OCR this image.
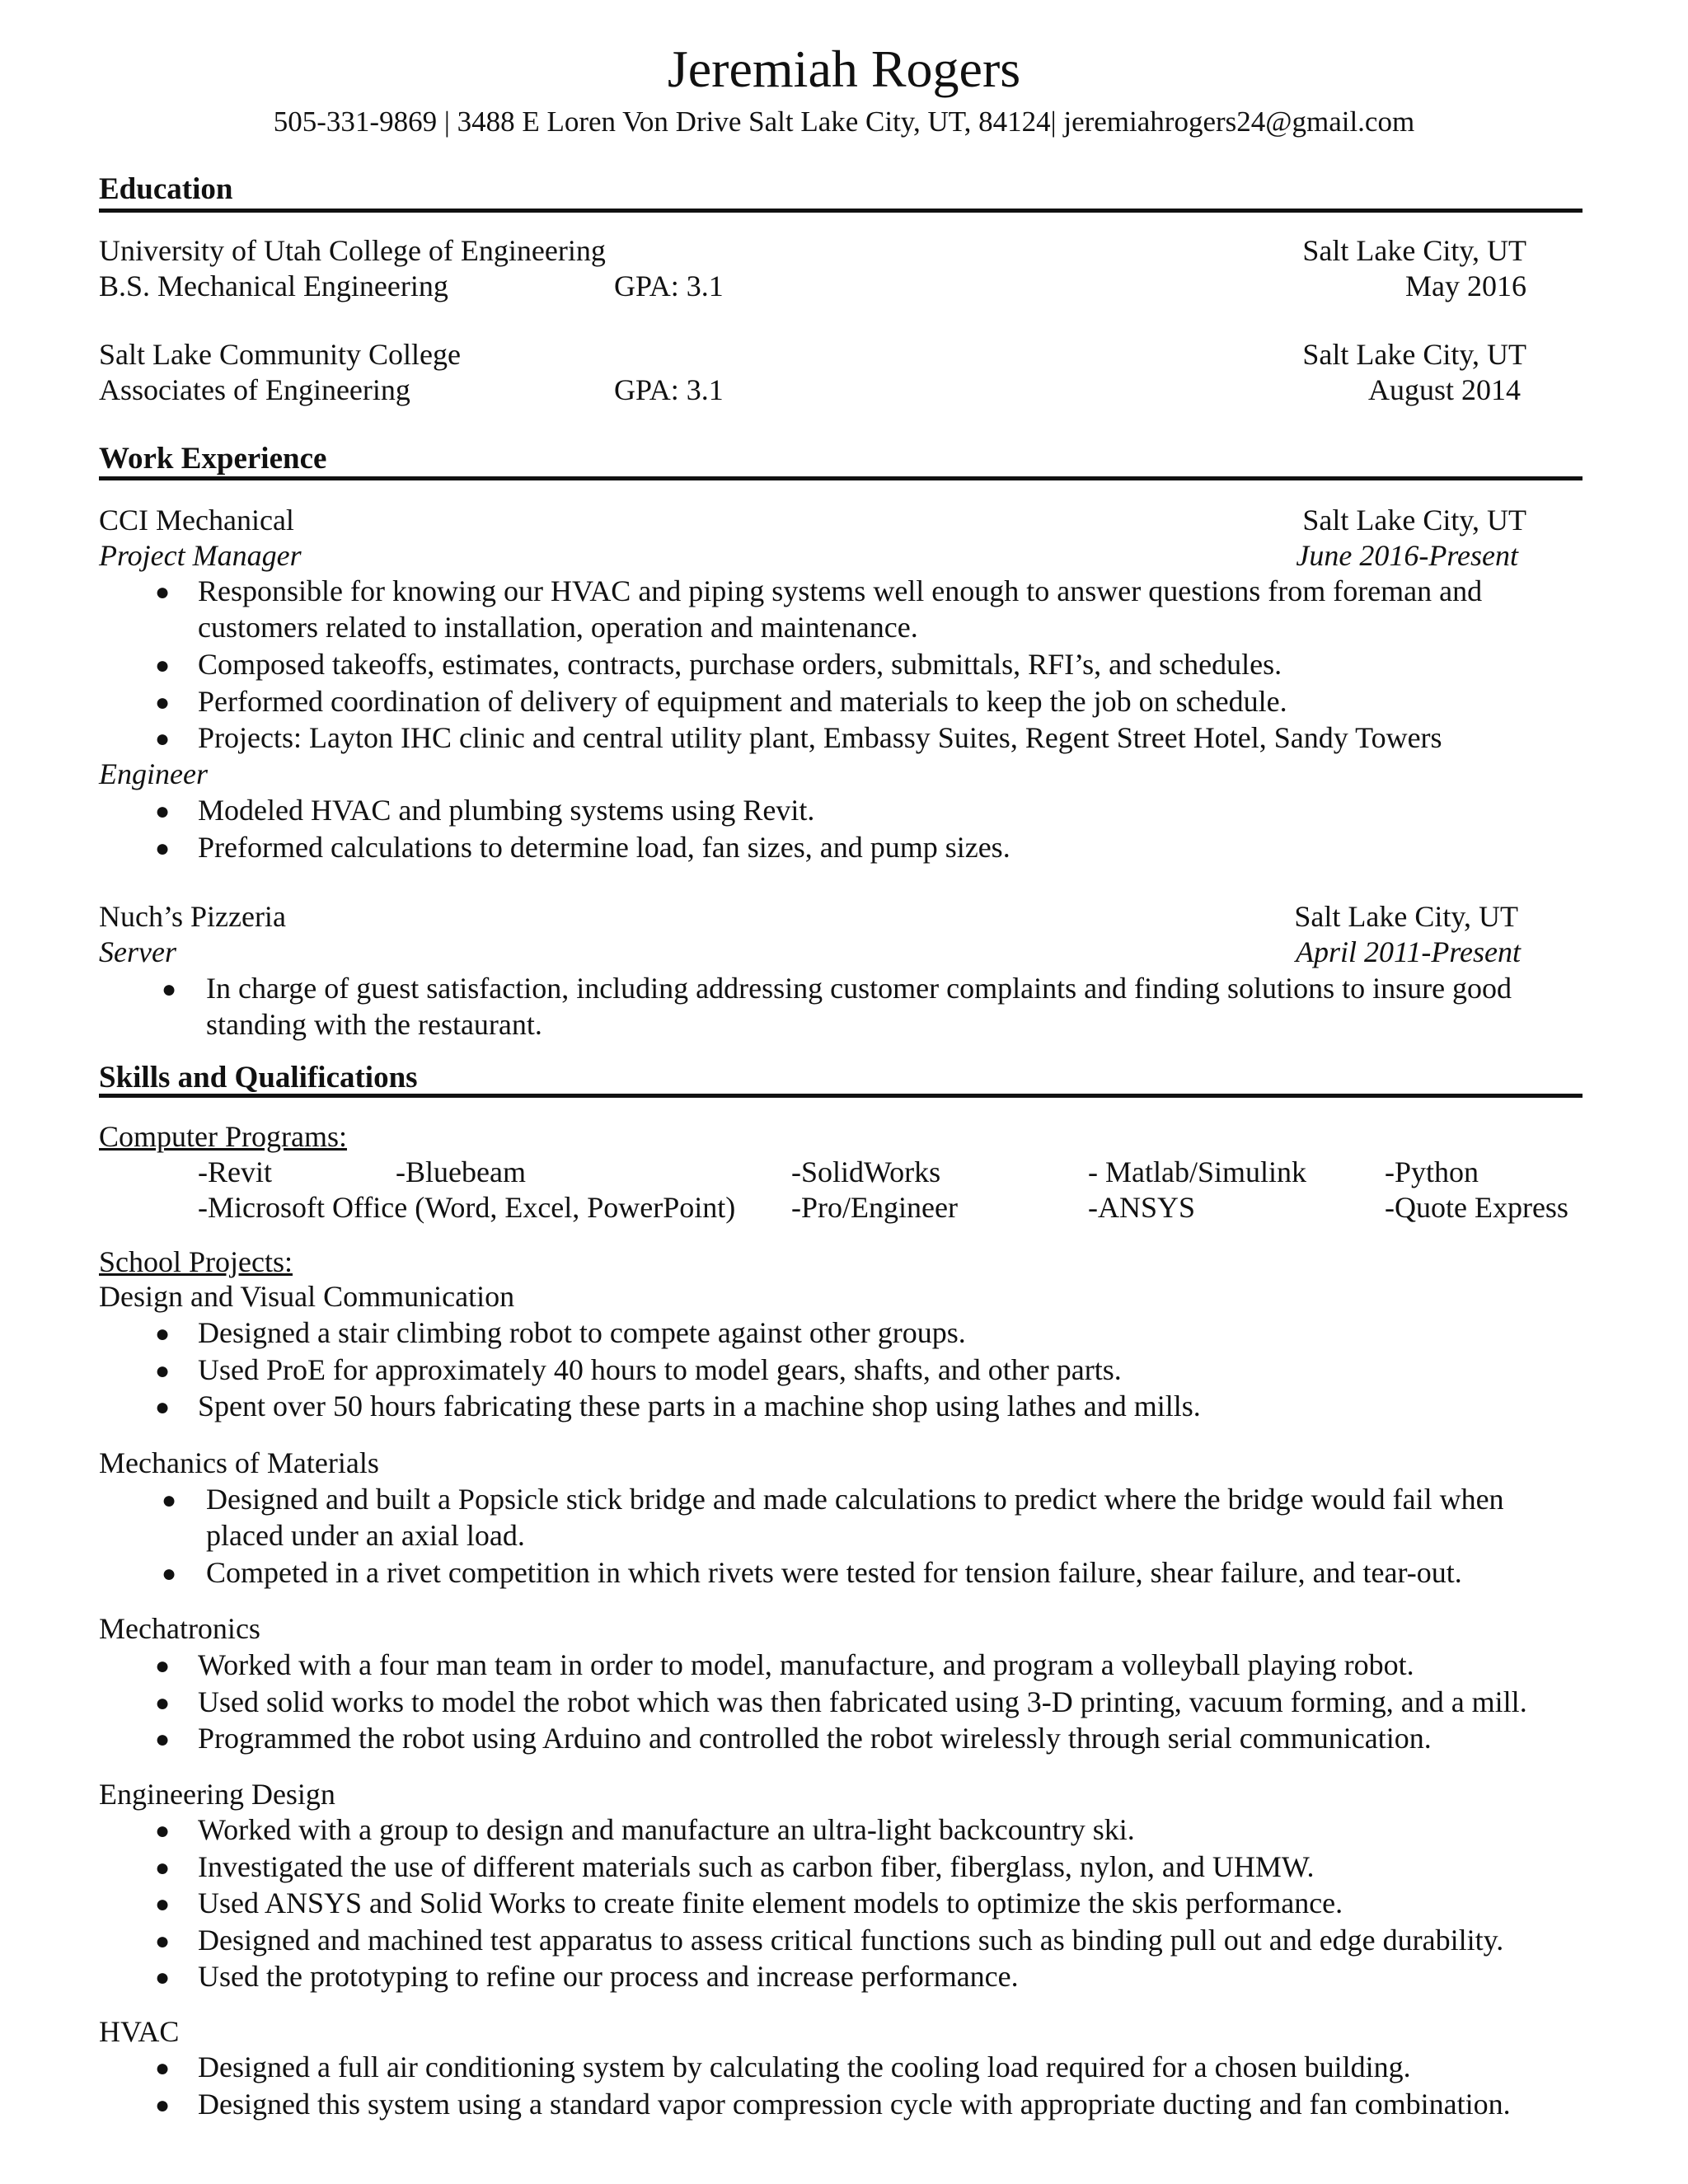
Jeremiah Rogers
505-331-9869 | 3488 E Loren Von Drive Salt Lake City, UT, 84124| jeremiahrogers24@gmail.com
Education
University of Utah College of Engineering	Salt Lake City, UT
B.S. Mechanical Engineering	GPA: 3.1	May 2016
Salt Lake Community College	Salt Lake City, UT
Associates of Engineering	GPA: 3.1	August 2014
Work Experience
CCI Mechanical	Salt Lake City, UT
Project Manager	June 2016-Present
● Responsible for knowing our HVAC and piping systems well enough to answer questions from foreman and
customers related to installation, operation and maintenance.
● Composed takeoffs, estimates, contracts, purchase orders, submittals, RFI’s, and schedules.
● Performed coordination of delivery of equipment and materials to keep the job on schedule.
● Projects: Layton IHC clinic and central utility plant, Embassy Suites, Regent Street Hotel, Sandy Towers
Engineer
● Modeled HVAC and plumbing systems using Revit.
● Preformed calculations to determine load, fan sizes, and pump sizes.
Nuch’s Pizzeria	Salt Lake City, UT
Server	April 2011-Present
● In charge of guest satisfaction, including addressing customer complaints and finding solutions to insure good
standing with the restaurant.
Skills and Qualifications
Computer Programs:
-Revit	-Bluebeam	-SolidWorks	- Matlab/Simulink	-Python
-Microsoft Office (Word, Excel, PowerPoint) -Pro/Engineer	-ANSYS	-Quote Express
School Projects:
Design and Visual Communication
● Designed a stair climbing robot to compete against other groups.
● Used ProE for approximately 40 hours to model gears, shafts, and other parts.
● Spent over 50 hours fabricating these parts in a machine shop using lathes and mills.
Mechanics of Materials
● Designed and built a Popsicle stick bridge and made calculations to predict where the bridge would fail when
placed under an axial load.
● Competed in a rivet competition in which rivets were tested for tension failure, shear failure, and tear-out.
Mechatronics
● Worked with a four man team in order to model, manufacture, and program a volleyball playing robot.
● Used solid works to model the robot which was then fabricated using 3-D printing, vacuum forming, and a mill.
● Programmed the robot using Arduino and controlled the robot wirelessly through serial communication.
Engineering Design
● Worked with a group to design and manufacture an ultra-light backcountry ski.
● Investigated the use of different materials such as carbon fiber, fiberglass, nylon, and UHMW.
● Used ANSYS and Solid Works to create finite element models to optimize the skis performance.
● Designed and machined test apparatus to assess critical functions such as binding pull out and edge durability.
● Used the prototyping to refine our process and increase performance.
HVAC
● Designed a full air conditioning system by calculating the cooling load required for a chosen building.
● Designed this system using a standard vapor compression cycle with appropriate ducting and fan combination.
